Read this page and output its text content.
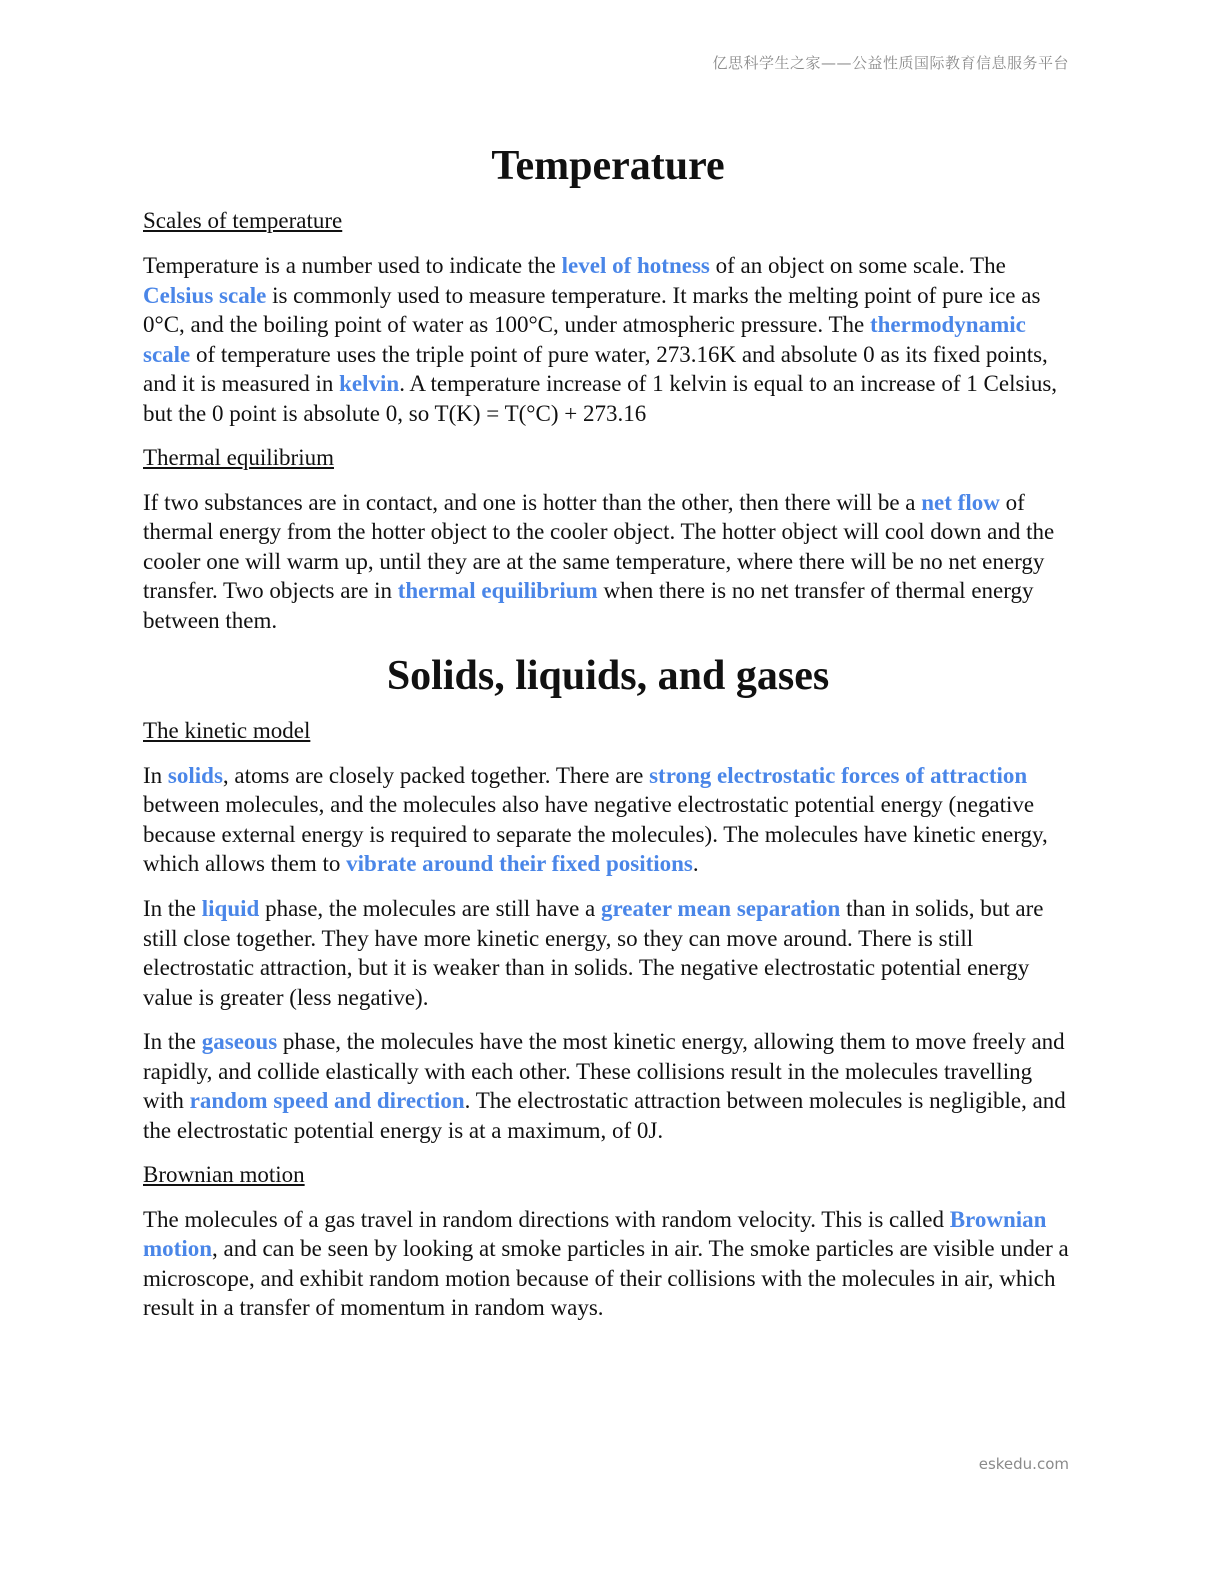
亿思科学生之家——公益性质国际教育信息服务平台
Temperature
Scales of temperature

Temperature is a number used to indicate the level of hotness of an object on some scale. The Celsius scale is commonly used to measure temperature. It marks the melting point of pure ice as 0°C, and the boiling point of water as 100°C, under atmospheric pressure. The thermodynamic scale of temperature uses the triple point of pure water, 273.16K and absolute 0 as its fixed points, and it is measured in kelvin. A temperature increase of 1 kelvin is equal to an increase of 1 Celsius, but the 0 point is absolute 0, so T(K) = T(°C) + 273.16

Thermal equilibrium

If two substances are in contact, and one is hotter than the other, then there will be a net flow of thermal energy from the hotter object to the cooler object. The hotter object will cool down and the cooler one will warm up, until they are at the same temperature, where there will be no net energy transfer. Two objects are in thermal equilibrium when there is no net transfer of thermal energy between them.

Solids, liquids, and gases
The kinetic model

In solids, atoms are closely packed together. There are strong electrostatic forces of attraction between molecules, and the molecules also have negative electrostatic potential energy (negative because external energy is required to separate the molecules). The molecules have kinetic energy, which allows them to vibrate around their fixed positions.

In the liquid phase, the molecules are still have a greater mean separation than in solids, but are still close together. They have more kinetic energy, so they can move around. There is still electrostatic attraction, but it is weaker than in solids. The negative electrostatic potential energy value is greater (less negative).

In the gaseous phase, the molecules have the most kinetic energy, allowing them to move freely and rapidly, and collide elastically with each other. These collisions result in the molecules travelling with random speed and direction. The electrostatic attraction between molecules is negligible, and the electrostatic potential energy is at a maximum, of 0J.

Brownian motion

The molecules of a gas travel in random directions with random velocity. This is called Brownian motion, and can be seen by looking at smoke particles in air. The smoke particles are visible under a microscope, and exhibit random motion because of their collisions with the molecules in air, which result in a transfer of momentum in random ways.

eskedu.com
